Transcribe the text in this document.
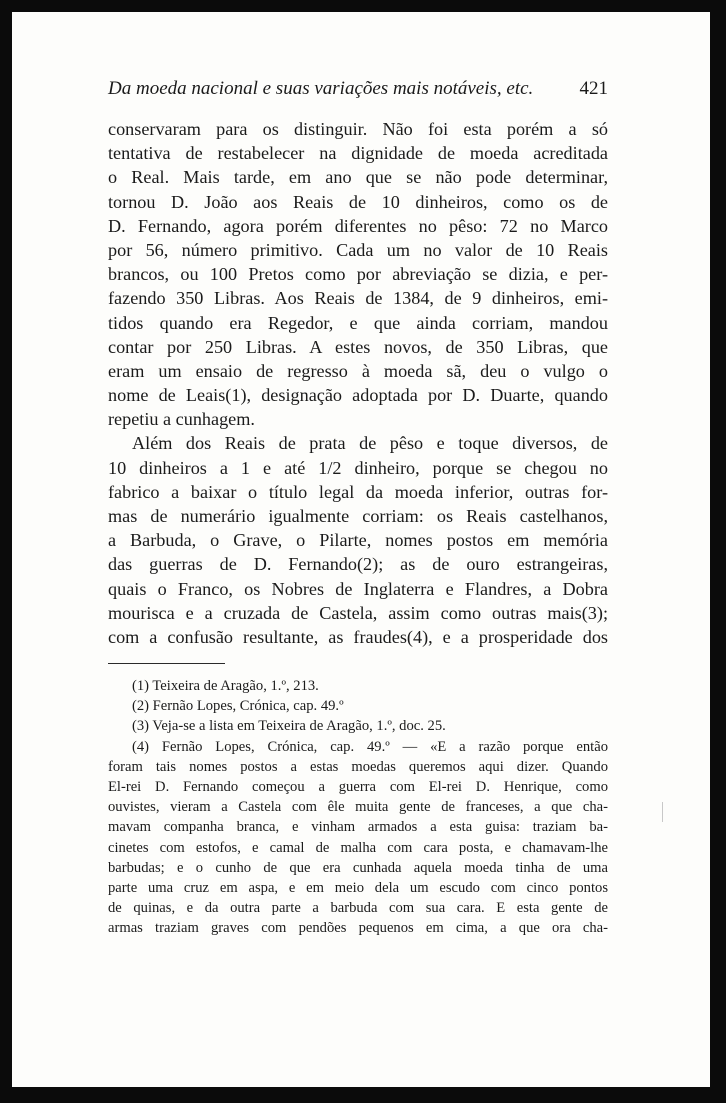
Da moeda nacional e suas variações mais notáveis, etc. 421
conservaram para os distinguir. Não foi esta porém a só
tentativa de restabelecer na dignidade de moeda acreditada
o Real. Mais tarde, em ano que se não pode determinar,
tornou D. João aos Reais de 10 dinheiros, como os de
D. Fernando, agora porém diferentes no pêso: 72 no Marco
por 56, número primitivo. Cada um no valor de 10 Reais
brancos, ou 100 Pretos como por abreviação se dizia, e per-
fazendo 350 Libras. Aos Reais de 1384, de 9 dinheiros, emi-
tidos quando era Regedor, e que ainda corriam, mandou
contar por 250 Libras. A estes novos, de 350 Libras, que
eram um ensaio de regresso à moeda sã, deu o vulgo o
nome de Leais(1), designação adoptada por D. Duarte, quando
repetiu a cunhagem.
Além dos Reais de prata de pêso e toque diversos, de
10 dinheiros a 1 e até 1/2 dinheiro, porque se chegou no
fabrico a baixar o título legal da moeda inferior, outras for-
mas de numerário igualmente corriam: os Reais castelhanos,
a Barbuda, o Grave, o Pilarte, nomes postos em memória
das guerras de D. Fernando(2); as de ouro estrangeiras,
quais o Franco, os Nobres de Inglaterra e Flandres, a Dobra
mourisca e a cruzada de Castela, assim como outras mais(3);
com a confusão resultante, as fraudes(4), e a prosperidade dos
(1) Teixeira de Aragão, 1.º, 213.
(2) Fernão Lopes, Crónica, cap. 49.º
(3) Veja-se a lista em Teixeira de Aragão, 1.º, doc. 25.
(4) Fernão Lopes, Crónica, cap. 49.º — «E a razão porque então
foram tais nomes postos a estas moedas queremos aqui dizer. Quando
El-rei D. Fernando começou a guerra com El-rei D. Henrique, como
ouvistes, vieram a Castela com êle muita gente de franceses, a que cha-
mavam companha branca, e vinham armados a esta guisa: traziam ba-
cinetes com estofos, e camal de malha com cara posta, e chamavam-lhe
barbudas; e o cunho de que era cunhada aquela moeda tinha de uma
parte uma cruz em aspa, e em meio dela um escudo com cinco pontos
de quinas, e da outra parte a barbuda com sua cara. E esta gente de
armas traziam graves com pendões pequenos em cima, a que ora cha-
